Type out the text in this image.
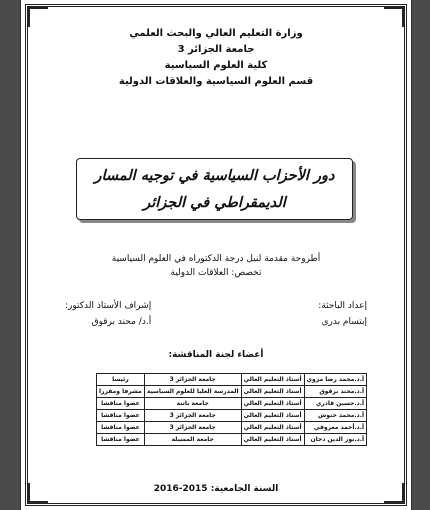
وزارة التعليم العالي والبحث العلمي
جامعة الجزائر 3
كلية العلوم السياسية
قسم العلوم السياسية والعلاقات الدولية
دور الأحزاب السياسية في توجيه المسار
الديمقراطي في الجزائر
أطروحة مقدمة لنيل درجة الدكتوراه في العلوم السياسية
تخصص: العلاقات الدولية
إعداد الباحثة:
إبتسام بدري
إشراف الأستاذ الدكتور:
أ.د/ محند برقوق
أعضاء لجنة المناقشة:
أ.د.محمد رضا مزوي	أستاذ التعليم العالي	جامعة الجزائر 3	رئيسا
أ.د.محند برقوق	أستاذ التعليم العالي	المدرسة العليا للعلوم السياسية	مشرفا ومقررا
أ.د.حسين قادري	أستاذ التعليم العالي	جامعة باتنة	عضوا مناقشا
أ.د.محمد خنوش	أستاذ التعليم العالي	جامعة الجزائر 3	عضوا مناقشا
أ.د.أحمد معروفي	أستاذ التعليم العالي	جامعة الجزائر 3	عضوا مناقشا
أ.د.نور الدين دخان	أستاذ التعليم العالي	جامعة المسيلة	عضوا مناقشا
السنة الجامعية: 2015-2016
